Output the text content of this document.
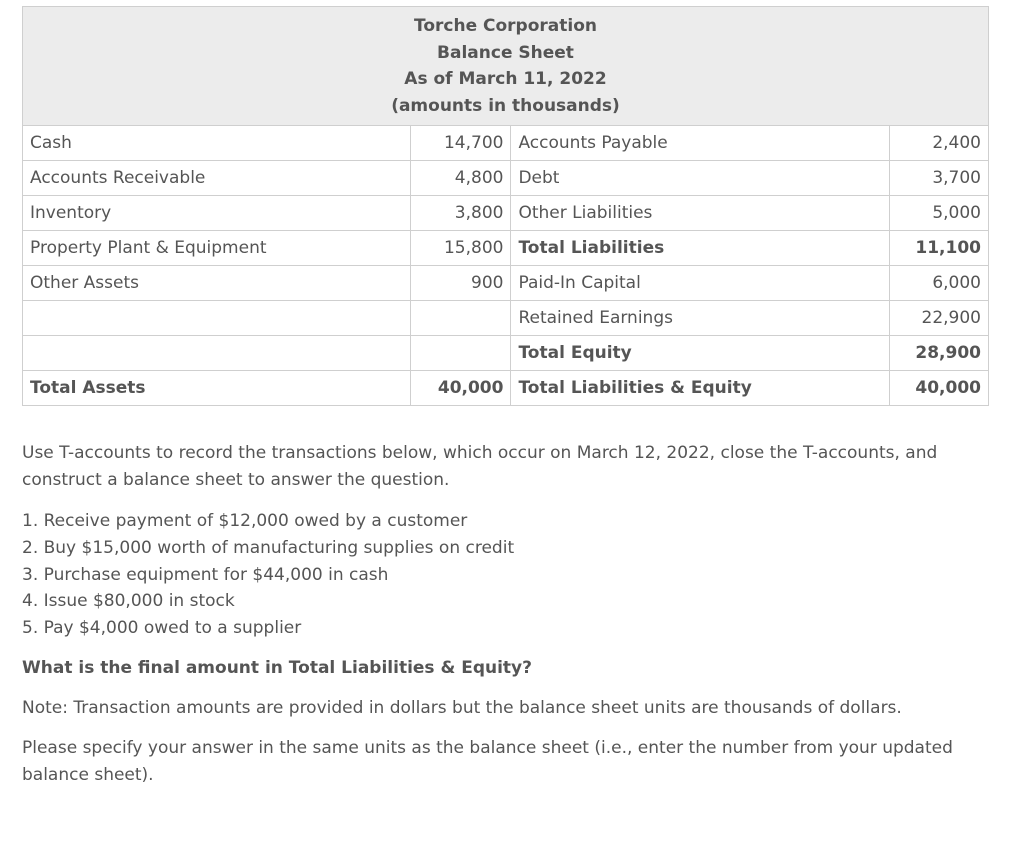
Torche Corporation
Balance Sheet
As of March 11, 2022
(amounts in thousands)			

Cash	14,700	Accounts Payable	2,400
Accounts Receivable	4,800	Debt	3,700
Inventory	3,800	Other Liabilities	5,000
Property Plant & Equipment	15,800	Total Liabilities	11,100
Other Assets	900	Paid-In Capital	6,000
		Retained Earnings	22,900
		Total Equity	28,900
Total Assets	40,000	Total Liabilities & Equity	40,000
Use T-accounts to record the transactions below, which occur on March 12, 2022, close the T-accounts, and construct a balance sheet to answer the question.
1. Receive payment of $12,000 owed by a customer
2. Buy $15,000 worth of manufacturing supplies on credit
3. Purchase equipment for $44,000 in cash
4. Issue $80,000 in stock
5. Pay $4,000 owed to a supplier
What is the final amount in Total Liabilities & Equity?
Note: Transaction amounts are provided in dollars but the balance sheet units are thousands of dollars.
Please specify your answer in the same units as the balance sheet (i.e., enter the number from your updated balance sheet).
